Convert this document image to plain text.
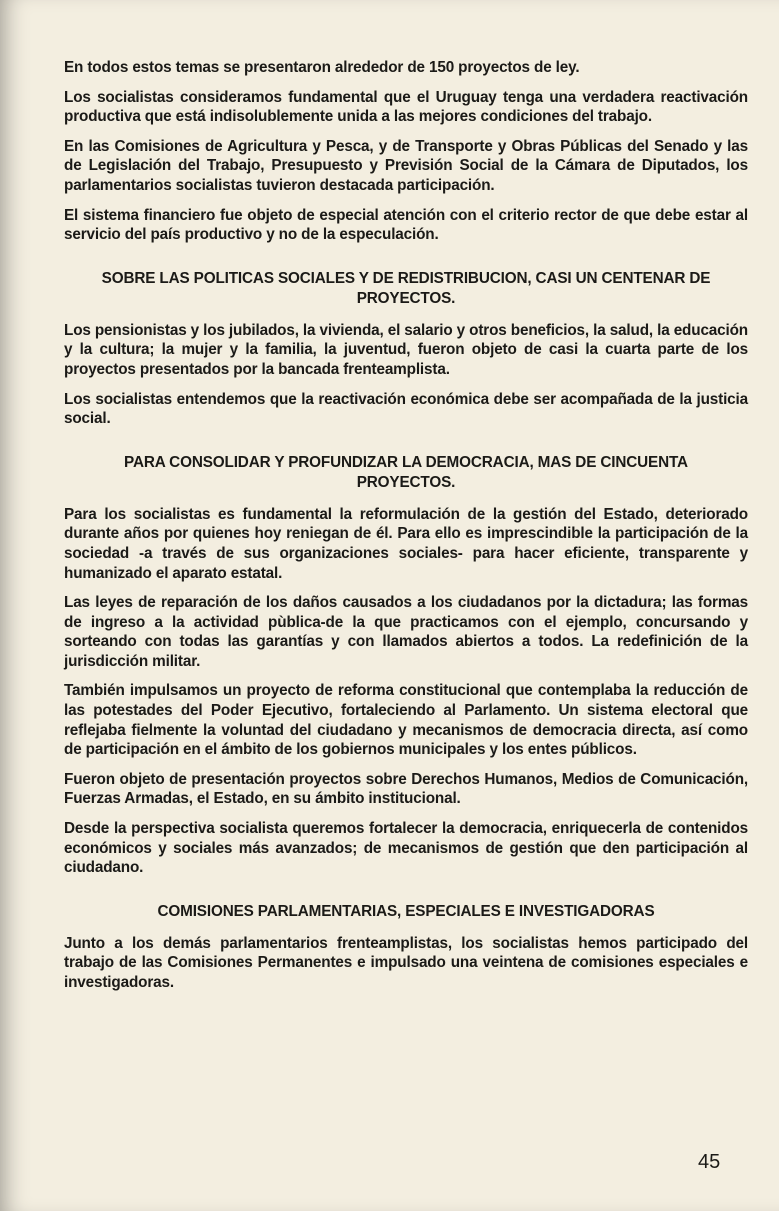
En todos estos temas se presentaron alrededor de 150 proyectos de ley.

Los socialistas consideramos fundamental que el Uruguay tenga una verdadera reactivación productiva que está indisolublemente unida a las mejores condiciones del trabajo.

En las Comisiones de Agricultura y Pesca, y de Transporte y Obras Públicas del Senado y las de Legislación del Trabajo, Presupuesto y Previsión Social de la Cámara de Diputados, los parlamentarios socialistas tuvieron destacada participación.

El sistema financiero fue objeto de especial atención con el criterio rector de que debe estar al servicio del país productivo y no de la especulación.

SOBRE LAS POLITICAS SOCIALES Y DE REDISTRIBUCION, CASI UN CENTENAR DE PROYECTOS.

Los pensionistas y los jubilados, la vivienda, el salario y otros beneficios, la salud, la educación y la cultura; la mujer y la familia, la juventud, fueron objeto de casi la cuarta parte de los proyectos presentados por la bancada frenteamplista.

Los socialistas entendemos que la reactivación económica debe ser acompañada de la justicia social.

PARA CONSOLIDAR Y PROFUNDIZAR LA DEMOCRACIA, MAS DE CINCUENTA PROYECTOS.

Para los socialistas es fundamental la reformulación de la gestión del Estado, deteriorado durante años por quienes hoy reniegan de él. Para ello es imprescindible la participación de la sociedad -a través de sus organizaciones sociales- para hacer eficiente, transparente y humanizado el aparato estatal.

Las leyes de reparación de los daños causados a los ciudadanos por la dictadura; las formas de ingreso a la actividad pùblica-de la que practicamos con el ejemplo, concursando y sorteando con todas las garantías y con llamados abiertos a todos. La redefinición de la jurisdicción militar.

También impulsamos un proyecto de reforma constitucional que contemplaba la reducción de las potestades del Poder Ejecutivo, fortaleciendo al Parlamento. Un sistema electoral que reflejaba fielmente la voluntad del ciudadano y mecanismos de democracia directa, así como de participación en el ámbito de los gobiernos municipales y los entes públicos.

Fueron objeto de presentación proyectos sobre Derechos Humanos, Medios de Comunicación, Fuerzas Armadas, el Estado, en su ámbito institucional.

Desde la perspectiva socialista queremos fortalecer la democracia, enriquecerla de contenidos económicos y sociales más avanzados; de mecanismos de gestión que den participación al ciudadano.

COMISIONES PARLAMENTARIAS, ESPECIALES E INVESTIGADORAS

Junto a los demás parlamentarios frenteamplistas, los socialistas hemos participado del trabajo de las Comisiones Permanentes e impulsado una veintena de comisiones especiales e investigadoras.

45
